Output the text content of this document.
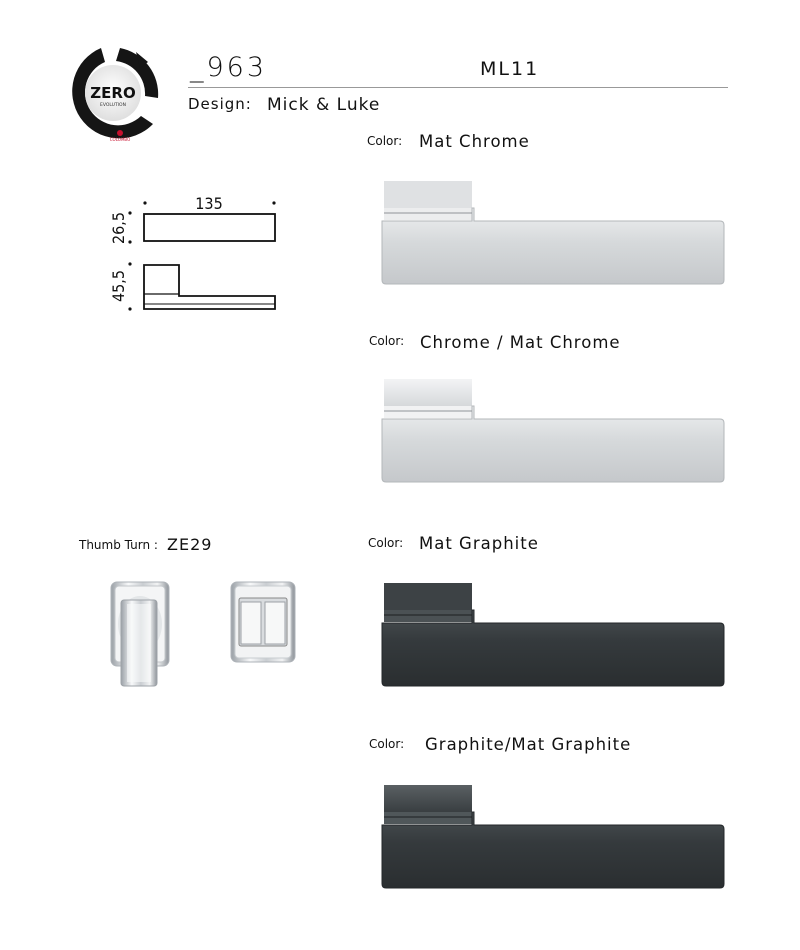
ZERO
EVOLUTION
COLOMBO
_963	ML11
Design: Mick & Luke
135
26,5
45,5
Thumb Turn : ZE29
Color: Mat Chrome
Color: Chrome / Mat Chrome
Color: Mat Graphite
Color: Graphite/Mat Graphite
